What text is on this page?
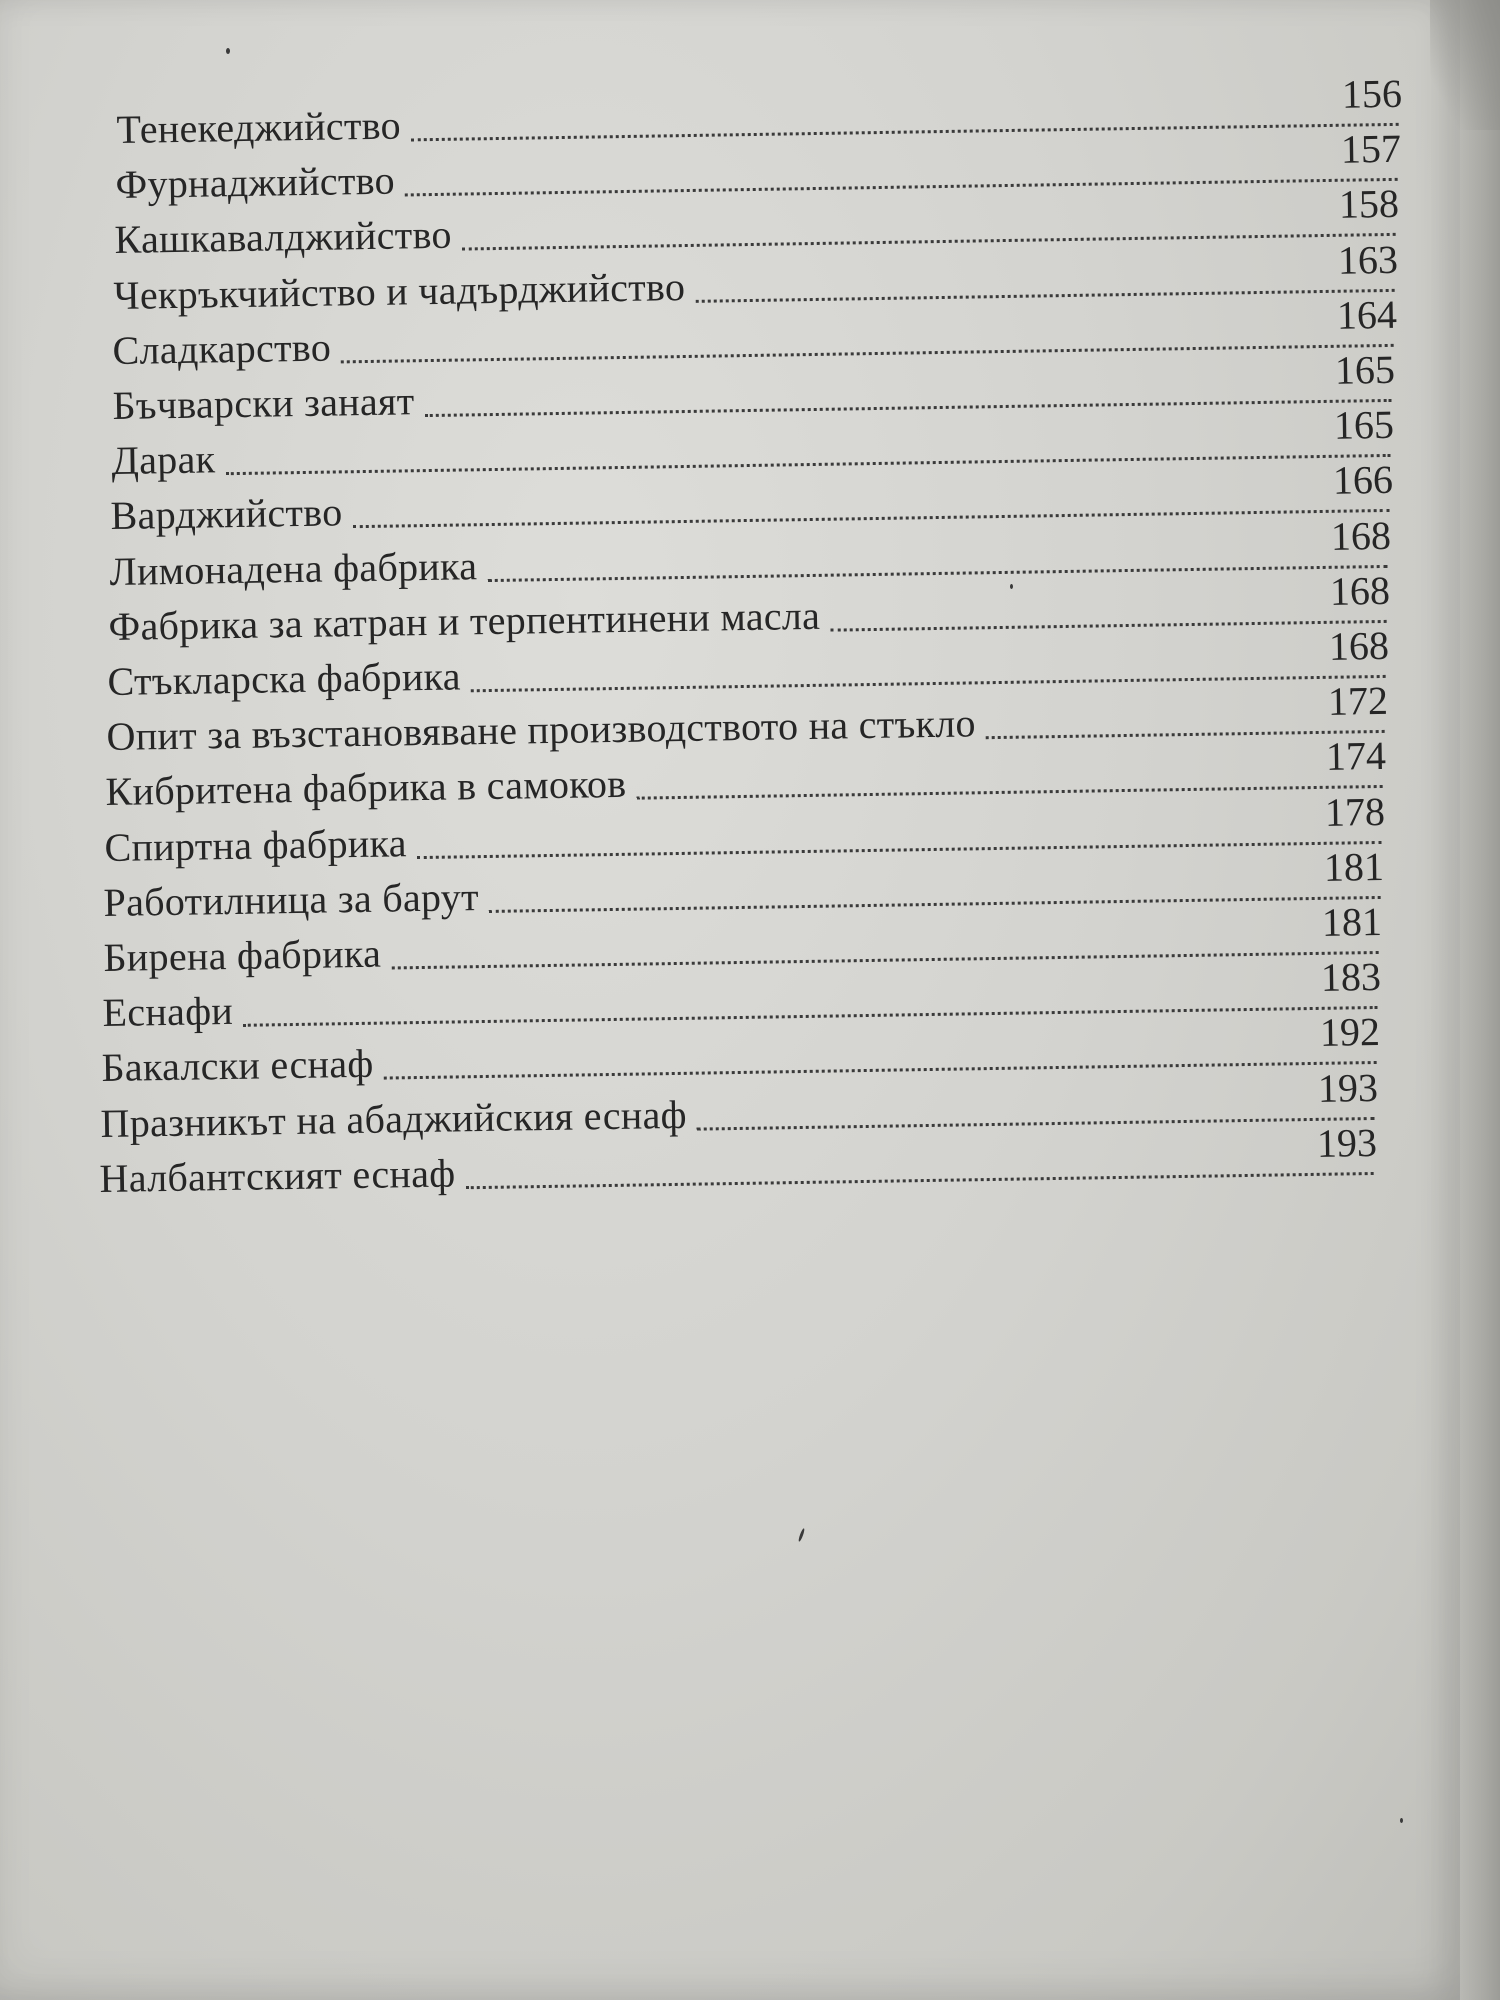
Тенекеджийство
156
Фурнаджийство
157
Кашкавалджийство
158
Чекръкчийство и чадърджийство
163
Сладкарство
164
Бъчварски занаят
165
Дарак
165
Варджийство
166
Лимонадена фабрика
168
Фабрика за катран и терпентинени масла
168
Стъкларска фабрика
168
Опит за възстановяване производството на стъкло	172
Кибритена фабрика в самоков
174
Спиртна фабрика
178
Работилница за барут
181
Бирена фабрика
181
Еснафи
183
Бакалски еснаф
192
Празникът на абаджийския еснаф
193
Налбантският еснаф
193
